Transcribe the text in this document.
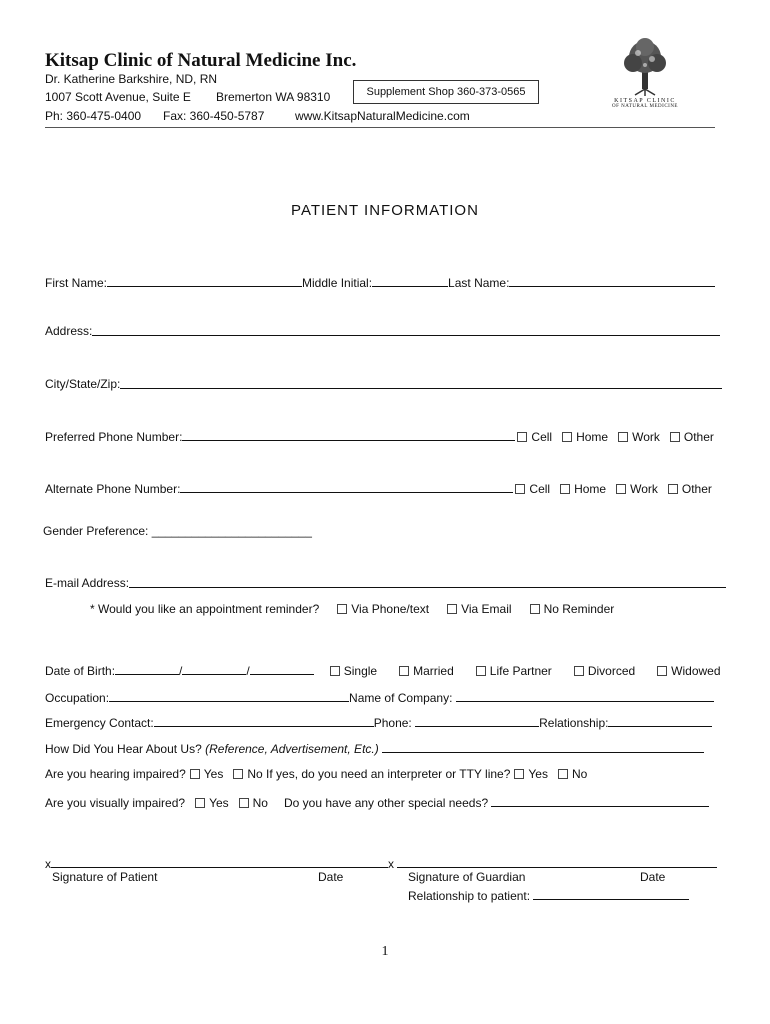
Kitsap Clinic of Natural Medicine Inc.
Dr. Katherine Barkshire, ND, RN
1007 Scott Avenue, Suite E Bremerton WA 98310
Ph: 360-475-0400 Fax: 360-450-5787	www.KitsapNaturalMedicine.com
Supplement Shop 360-373-0565
KITSAP CLINIC
OF NATURAL MEDICINE
PATIENT INFORMATION
First Name:	Middle Initial:	Last Name:
Address:
City/State/Zip:
Preferred Phone Number:	Cell Home Work Other
Alternate Phone Number:	Cell Home Work Other
Gender Preference: ________________________
E-mail Address:
* Would you like an appointment reminder?	Via Phone/text	Via Email	No Reminder
Date of Birth:	/	/	Single	Married	Life Partner	Divorced	Widowed
Occupation:	Name of Company:
Emergency Contact:	Phone:	Relationship:
How Did You Hear About Us? (Reference, Advertisement, Etc.)
Are you hearing impaired? Yes No If yes, do you need an interpreter or TTY line? Yes No
Are you visually impaired? Yes No Do you have any other special needs?
x	x
Signature of Patient	Date	Signature of Guardian	Date
Relationship to patient:
1
